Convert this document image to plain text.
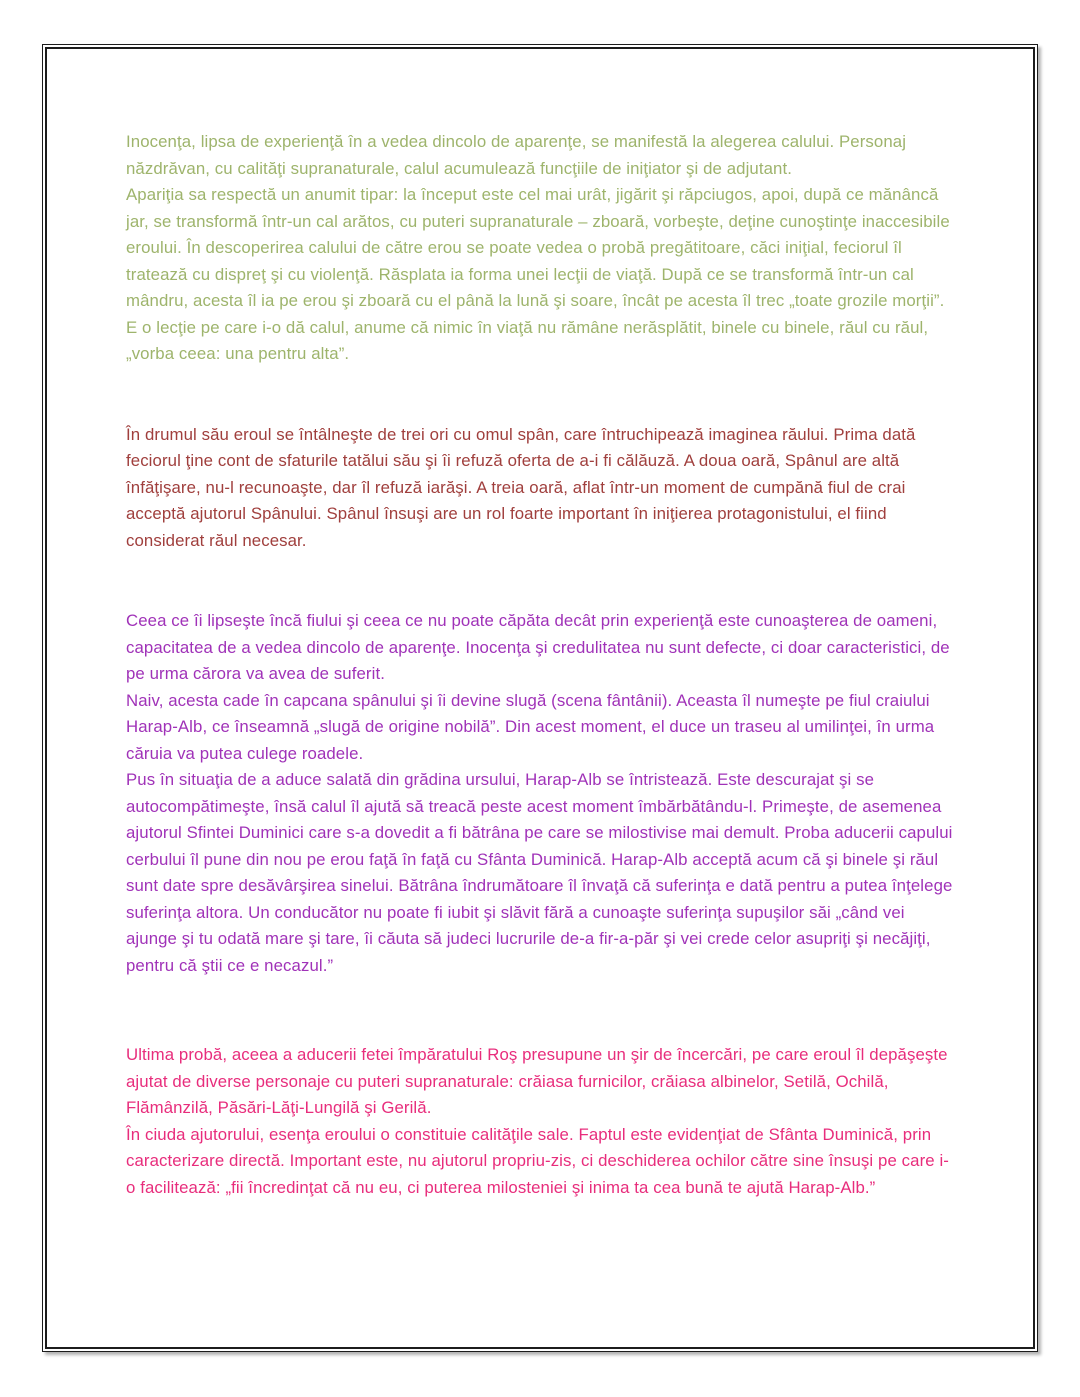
Inocenţa, lipsa de experienţă în a vedea dincolo de aparenţe, se manifestă la alegerea calului. Personaj năzdrăvan, cu calităţi supranaturale, calul acumulează funcţiile de iniţiator şi de adjutant.
Apariţia sa respectă un anumit tipar: la început este cel mai urât, jigărit şi răpciugos, apoi, după ce mănâncă jar, se transformă într-un cal arătos, cu puteri supranaturale – zboară, vorbeşte, deţine cunoştinţe inaccesibile eroului. În descoperirea calului de către erou se poate vedea o probă pregătitoare, căci iniţial, feciorul îl tratează cu dispreţ şi cu violenţă. Răsplata ia forma unei lecţii de viaţă. După ce se transformă într-un cal mândru, acesta îl ia pe erou şi zboară cu el până la lună şi soare, încât pe acesta îl trec „toate grozile morţii”. E o lecţie pe care i-o dă calul, anume că nimic în viaţă nu rămâne nerăsplătit, binele cu binele, răul cu răul, „vorba ceea: una pentru alta”.
În drumul său eroul se întâlneşte de trei ori cu omul spân, care întruchipează imaginea răului. Prima dată feciorul ţine cont de sfaturile tatălui său şi îi refuză oferta de a-i fi călăuză. A doua oară, Spânul are altă înfăţişare, nu-l recunoaşte, dar îl refuză iarăşi. A treia oară, aflat într-un moment de cumpănă fiul de crai acceptă ajutorul Spânului. Spânul însuşi are un rol foarte important în iniţierea protagonistului, el fiind considerat răul necesar.
Ceea ce îi lipseşte încă fiului şi ceea ce nu poate căpăta decât prin experienţă este cunoaşterea de oameni, capacitatea de a vedea dincolo de aparenţe. Inocenţa şi credulitatea nu sunt defecte, ci doar caracteristici, de pe urma cărora va avea de suferit.
Naiv, acesta cade în capcana spânului şi îi devine slugă (scena fântânii). Aceasta îl numeşte pe fiul craiului Harap-Alb, ce înseamnă „slugă de origine nobilă”. Din acest moment, el duce un traseu al umilinţei, în urma căruia va putea culege roadele.
Pus în situaţia de a aduce salată din grădina ursului, Harap-Alb se întristează. Este descurajat şi se autocompătimeşte, însă calul îl ajută să treacă peste acest moment îmbărbătându-l. Primeşte, de asemenea ajutorul Sfintei Duminici care s-a dovedit a fi bătrâna pe care se milostivise mai demult. Proba aducerii capului cerbului îl pune din nou pe erou faţă în faţă cu Sfânta Duminică. Harap-Alb acceptă acum că şi binele şi răul sunt date spre desăvârşirea sinelui. Bătrâna îndrumătoare îl învaţă că suferinţa e dată pentru a putea înţelege suferinţa altora. Un conducător nu poate fi iubit şi slăvit fără a cunoaşte suferinţa supuşilor săi „când vei ajunge şi tu odată mare şi tare, îi căuta să judeci lucrurile de-a fir-a-păr şi vei crede celor asupriţi şi necăjiţi, pentru că ştii ce e necazul.”
Ultima probă, aceea a aducerii fetei împăratului Roş presupune un şir de încercări, pe care eroul îl depăşeşte ajutat de diverse personaje cu puteri supranaturale: crăiasa furnicilor, crăiasa albinelor, Setilă, Ochilă, Flămânzilă, Păsări-Lăţi-Lungilă şi Gerilă.
În ciuda ajutorului, esenţa eroului o constituie calităţile sale. Faptul este evidenţiat de Sfânta Duminică, prin caracterizare directă. Important este, nu ajutorul propriu-zis, ci deschiderea ochilor către sine însuşi pe care i-o facilitează: „fii încredinţat că nu eu, ci puterea milosteniei şi inima ta cea bună te ajută Harap-Alb.”
